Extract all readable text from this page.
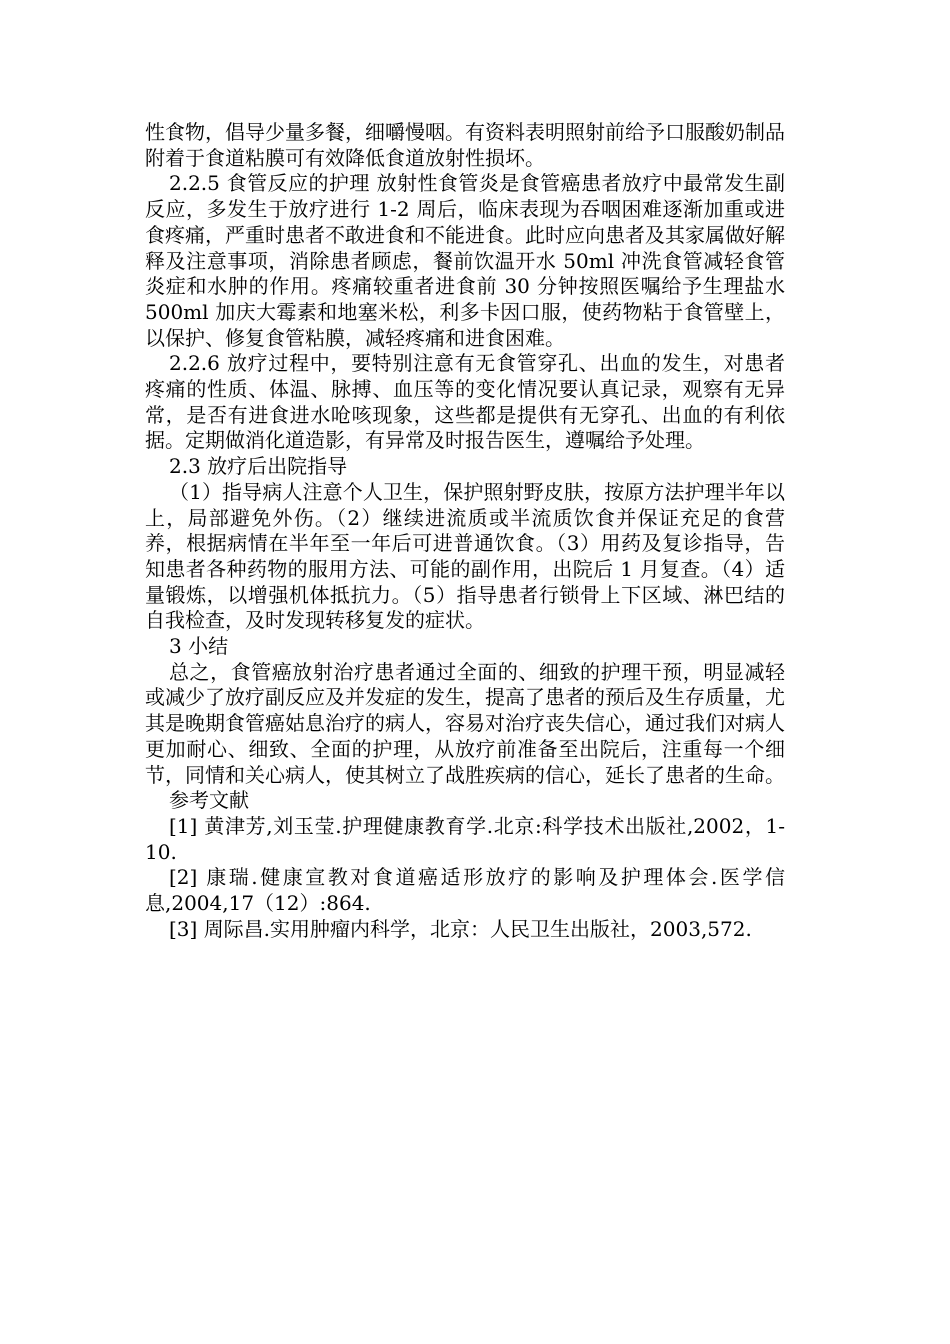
性食物，倡导少量多餐，细嚼慢咽。有资料表明照射前给予口服酸奶制品附着于食道粘膜可有效降低食道放射性损坏。

2.2.5 食管反应的护理 放射性食管炎是食管癌患者放疗中最常发生副反应，多发生于放疗进行 1-2 周后，临床表现为吞咽困难逐渐加重或进食疼痛，严重时患者不敢进食和不能进食。此时应向患者及其家属做好解释及注意事项，消除患者顾虑，餐前饮温开水 50ml 冲洗食管减轻食管炎症和水肿的作用。疼痛较重者进食前 30 分钟按照医嘱给予生理盐水 500ml 加庆大霉素和地塞米松，利多卡因口服，使药物粘于食管壁上，以保护、修复食管粘膜，减轻疼痛和进食困难。

2.2.6 放疗过程中，要特别注意有无食管穿孔、出血的发生，对患者疼痛的性质、体温、脉搏、血压等的变化情况要认真记录，观察有无异常，是否有进食进水呛咳现象，这些都是提供有无穿孔、出血的有利依据。定期做消化道造影，有异常及时报告医生，遵嘱给予处理。

2.3 放疗后出院指导

（1）指导病人注意个人卫生，保护照射野皮肤，按原方法护理半年以上，局部避免外伤。（2）继续进流质或半流质饮食并保证充足的食营养，根据病情在半年至一年后可进普通饮食。（3）用药及复诊指导，告知患者各种药物的服用方法、可能的副作用，出院后 1 月复查。（4）适量锻炼，以增强机体抵抗力。（5）指导患者行锁骨上下区域、淋巴结的自我检查，及时发现转移复发的症状。

3 小结

总之，食管癌放射治疗患者通过全面的、细致的护理干预，明显减轻或减少了放疗副反应及并发症的发生，提高了患者的预后及生存质量，尤其是晚期食管癌姑息治疗的病人，容易对治疗丧失信心，通过我们对病人更加耐心、细致、全面的护理，从放疗前准备至出院后，注重每一个细节，同情和关心病人，使其树立了战胜疾病的信心，延长了患者的生命。

参考文献

[1] 黄津芳,刘玉莹.护理健康教育学.北京:科学技术出版社,2002，1-10.

[2] 康瑞.健康宣教对食道癌适形放疗的影响及护理体会.医学信息,2004,17（12）:864.

[3] 周际昌.实用肿瘤内科学，北京：人民卫生出版社，2003,572.
